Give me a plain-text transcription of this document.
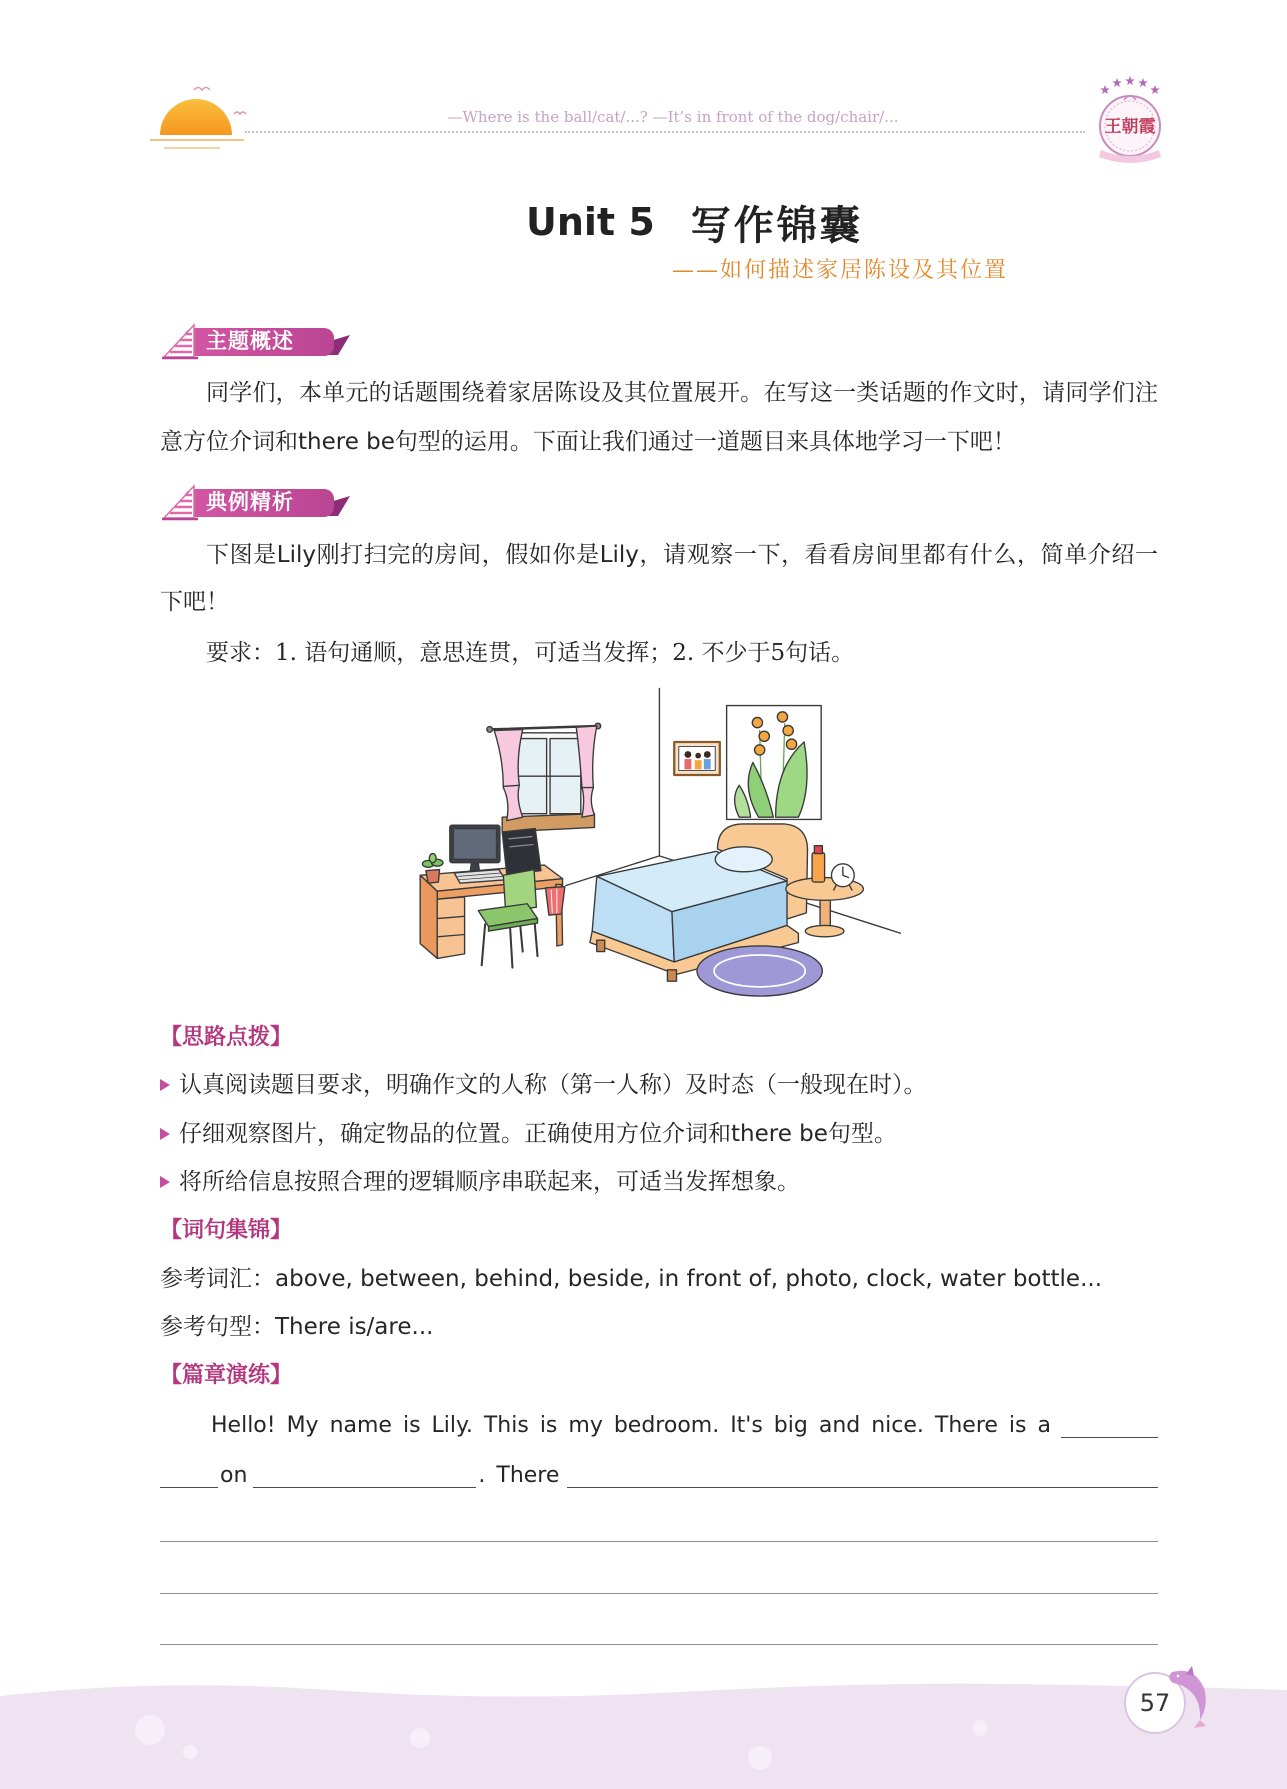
—Where is the ball/cat/...? —It’s in front of the dog/chair/...	王朝霞
Unit 5 写作锦囊
——如何描述家居陈设及其位置
主题概述
同学们，本单元的话题围绕着家居陈设及其位置展开。在写这一类话题的作文时，请同学们注意方位介词和there be句型的运用。下面让我们通过一道题目来具体地学习一下吧！
典例精析
下图是Lily刚打扫完的房间，假如你是Lily，请观察一下，看看房间里都有什么，简单介绍一下吧！
要求：1. 语句通顺，意思连贯，可适当发挥；2. 不少于5句话。
【思路点拨】
认真阅读题目要求，明确作文的人称（第一人称）及时态（一般现在时）。
仔细观察图片，确定物品的位置。正确使用方位介词和there be句型。
将所给信息按照合理的逻辑顺序串联起来，可适当发挥想象。
【词句集锦】
参考词汇：above, between, behind, beside, in front of, photo, clock, water bottle...
参考句型：There is/are...
【篇章演练】
Hello! My name is Lily. This is my bedroom. It's big and nice. There is a
on	. There
57
